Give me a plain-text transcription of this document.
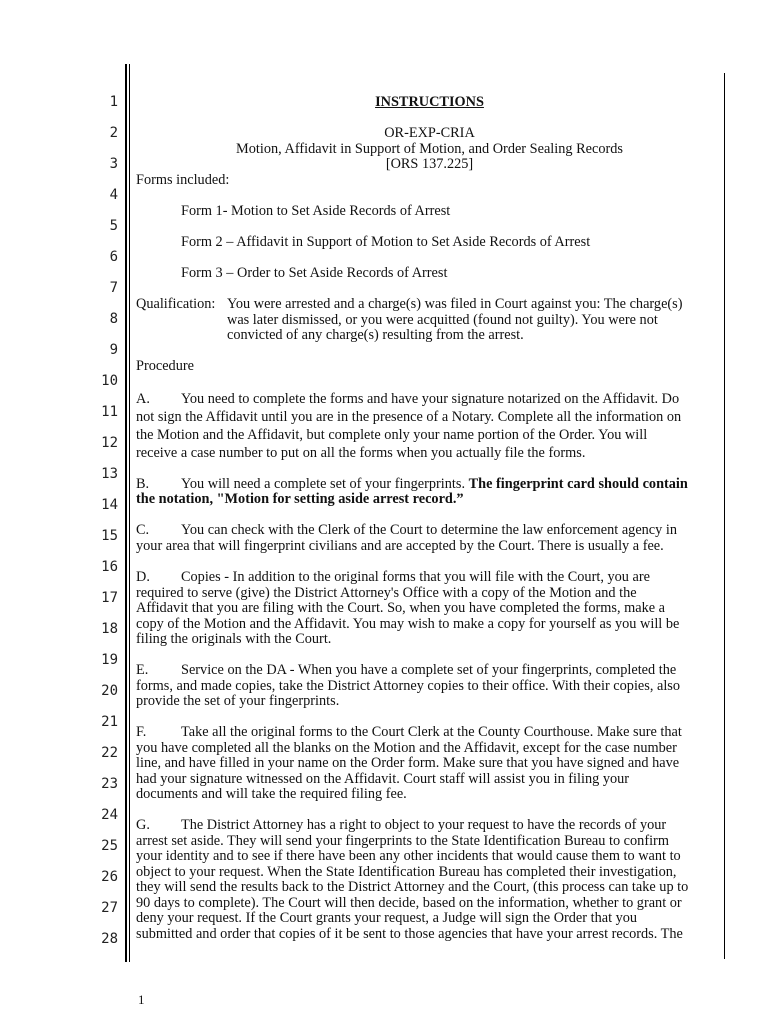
1
2
3
4
5
6
7
8
9
10
11
12
13
14
15
16
17
18
19
20
21
22
23
24
25
26
27
28
INSTRUCTIONS
OR-EXP-CRIA
Motion, Affidavit in Support of Motion, and Order Sealing Records
[ORS 137.225]
Forms included:
Form 1- Motion to Set Aside Records of Arrest
Form 2 – Affidavit in Support of Motion to Set Aside Records of Arrest
Form 3 – Order to Set Aside Records of Arrest
Qualification: You were arrested and a charge(s) was filed in Court against you: The charge(s)
was later dismissed, or you were acquitted (found not guilty). You were not
convicted of any charge(s) resulting from the arrest.
Procedure
A. You need to complete the forms and have your signature notarized on the Affidavit. Do
not sign the Affidavit until you are in the presence of a Notary. Complete all the information on
the Motion and the Affidavit, but complete only your name portion of the Order. You will
receive a case number to put on all the forms when you actually file the forms.
B. You will need a complete set of your fingerprints. The fingerprint card should contain
the notation, "Motion for setting aside arrest record.”
C. You can check with the Clerk of the Court to determine the law enforcement agency in
your area that will fingerprint civilians and are accepted by the Court. There is usually a fee.
D. Copies - In addition to the original forms that you will file with the Court, you are
required to serve (give) the District Attorney's Office with a copy of the Motion and the
Affidavit that you are filing with the Court. So, when you have completed the forms, make a
copy of the Motion and the Affidavit. You may wish to make a copy for yourself as you will be
filing the originals with the Court.
E. Service on the DA - When you have a complete set of your fingerprints, completed the
forms, and made copies, take the District Attorney copies to their office. With their copies, also
provide the set of your fingerprints.
F. Take all the original forms to the Court Clerk at the County Courthouse. Make sure that
you have completed all the blanks on the Motion and the Affidavit, except for the case number
line, and have filled in your name on the Order form. Make sure that you have signed and have
had your signature witnessed on the Affidavit. Court staff will assist you in filing your
documents and will take the required filing fee.
G. The District Attorney has a right to object to your request to have the records of your
arrest set aside. They will send your fingerprints to the State Identification Bureau to confirm
your identity and to see if there have been any other incidents that would cause them to want to
object to your request. When the State Identification Bureau has completed their investigation,
they will send the results back to the District Attorney and the Court, (this process can take up to
90 days to complete). The Court will then decide, based on the information, whether to grant or
deny your request. If the Court grants your request, a Judge will sign the Order that you
submitted and order that copies of it be sent to those agencies that have your arrest records. The
1
